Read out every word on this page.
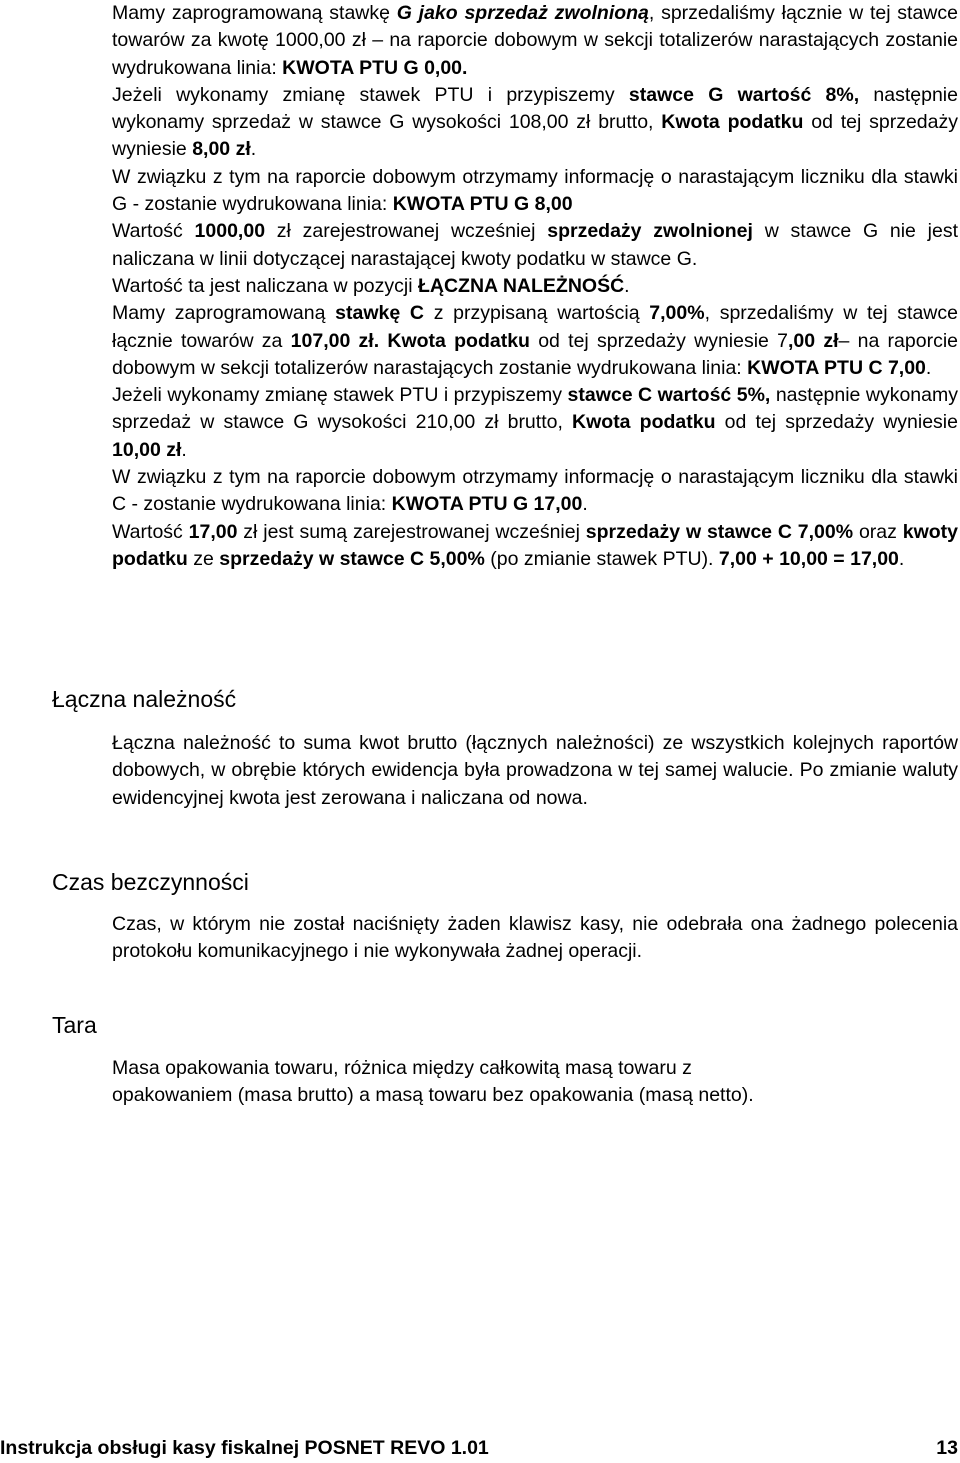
Mamy zaprogramowaną stawkę G jako sprzedaż zwolnioną, sprzedaliśmy łącznie w tej stawce towarów za kwotę 1000,00 zł – na raporcie dobowym w sekcji totalizerów narastających zostanie wydrukowana linia: KWOTA PTU G 0,00.

Jeżeli wykonamy zmianę stawek PTU i przypiszemy stawce G wartość 8%, następnie wykonamy sprzedaż w stawce G wysokości 108,00 zł brutto, Kwota podatku od tej sprzedaży wyniesie 8,00 zł.

W związku z tym na raporcie dobowym otrzymamy informację o narastającym liczniku dla stawki G - zostanie wydrukowana linia: KWOTA PTU G 8,00

Wartość 1000,00 zł zarejestrowanej wcześniej sprzedaży zwolnionej w stawce G nie jest naliczana w linii dotyczącej narastającej kwoty podatku w stawce G.

Wartość ta jest naliczana w pozycji ŁĄCZNA NALEŻNOŚĆ.

Mamy zaprogramowaną stawkę C z przypisaną wartością 7,00%, sprzedaliśmy w tej stawce łącznie towarów za 107,00 zł. Kwota podatku od tej sprzedaży wyniesie 7,00 zł– na raporcie dobowym w sekcji totalizerów narastających zostanie wydrukowana linia: KWOTA PTU C 7,00.

Jeżeli wykonamy zmianę stawek PTU i przypiszemy stawce C wartość 5%, następnie wykonamy sprzedaż w stawce G wysokości 210,00 zł brutto, Kwota podatku od tej sprzedaży wyniesie 10,00 zł.

W związku z tym na raporcie dobowym otrzymamy informację o narastającym liczniku dla stawki C - zostanie wydrukowana linia: KWOTA PTU G 17,00.

Wartość 17,00 zł jest sumą zarejestrowanej wcześniej sprzedaży w stawce C 7,00% oraz kwoty podatku ze sprzedaży w stawce C 5,00% (po zmianie stawek PTU). 7,00 + 10,00 = 17,00.

Łączna należność

Łączna należność to suma kwot brutto (łącznych należności) ze wszystkich kolejnych raportów dobowych, w obrębie których ewidencja była prowadzona w tej samej walucie. Po zmianie waluty ewidencyjnej kwota jest zerowana i naliczana od nowa.

Czas bezczynności

Czas, w którym nie został naciśnięty żaden klawisz kasy, nie odebrała ona żadnego polecenia protokołu komunikacyjnego i nie wykonywała żadnej operacji.

Tara

Masa opakowania towaru, różnica między całkowitą masą towaru z

opakowaniem (masa brutto) a masą towaru bez opakowania (masą netto).

Instrukcja obsługi kasy fiskalnej POSNET REVO 1.01	13
